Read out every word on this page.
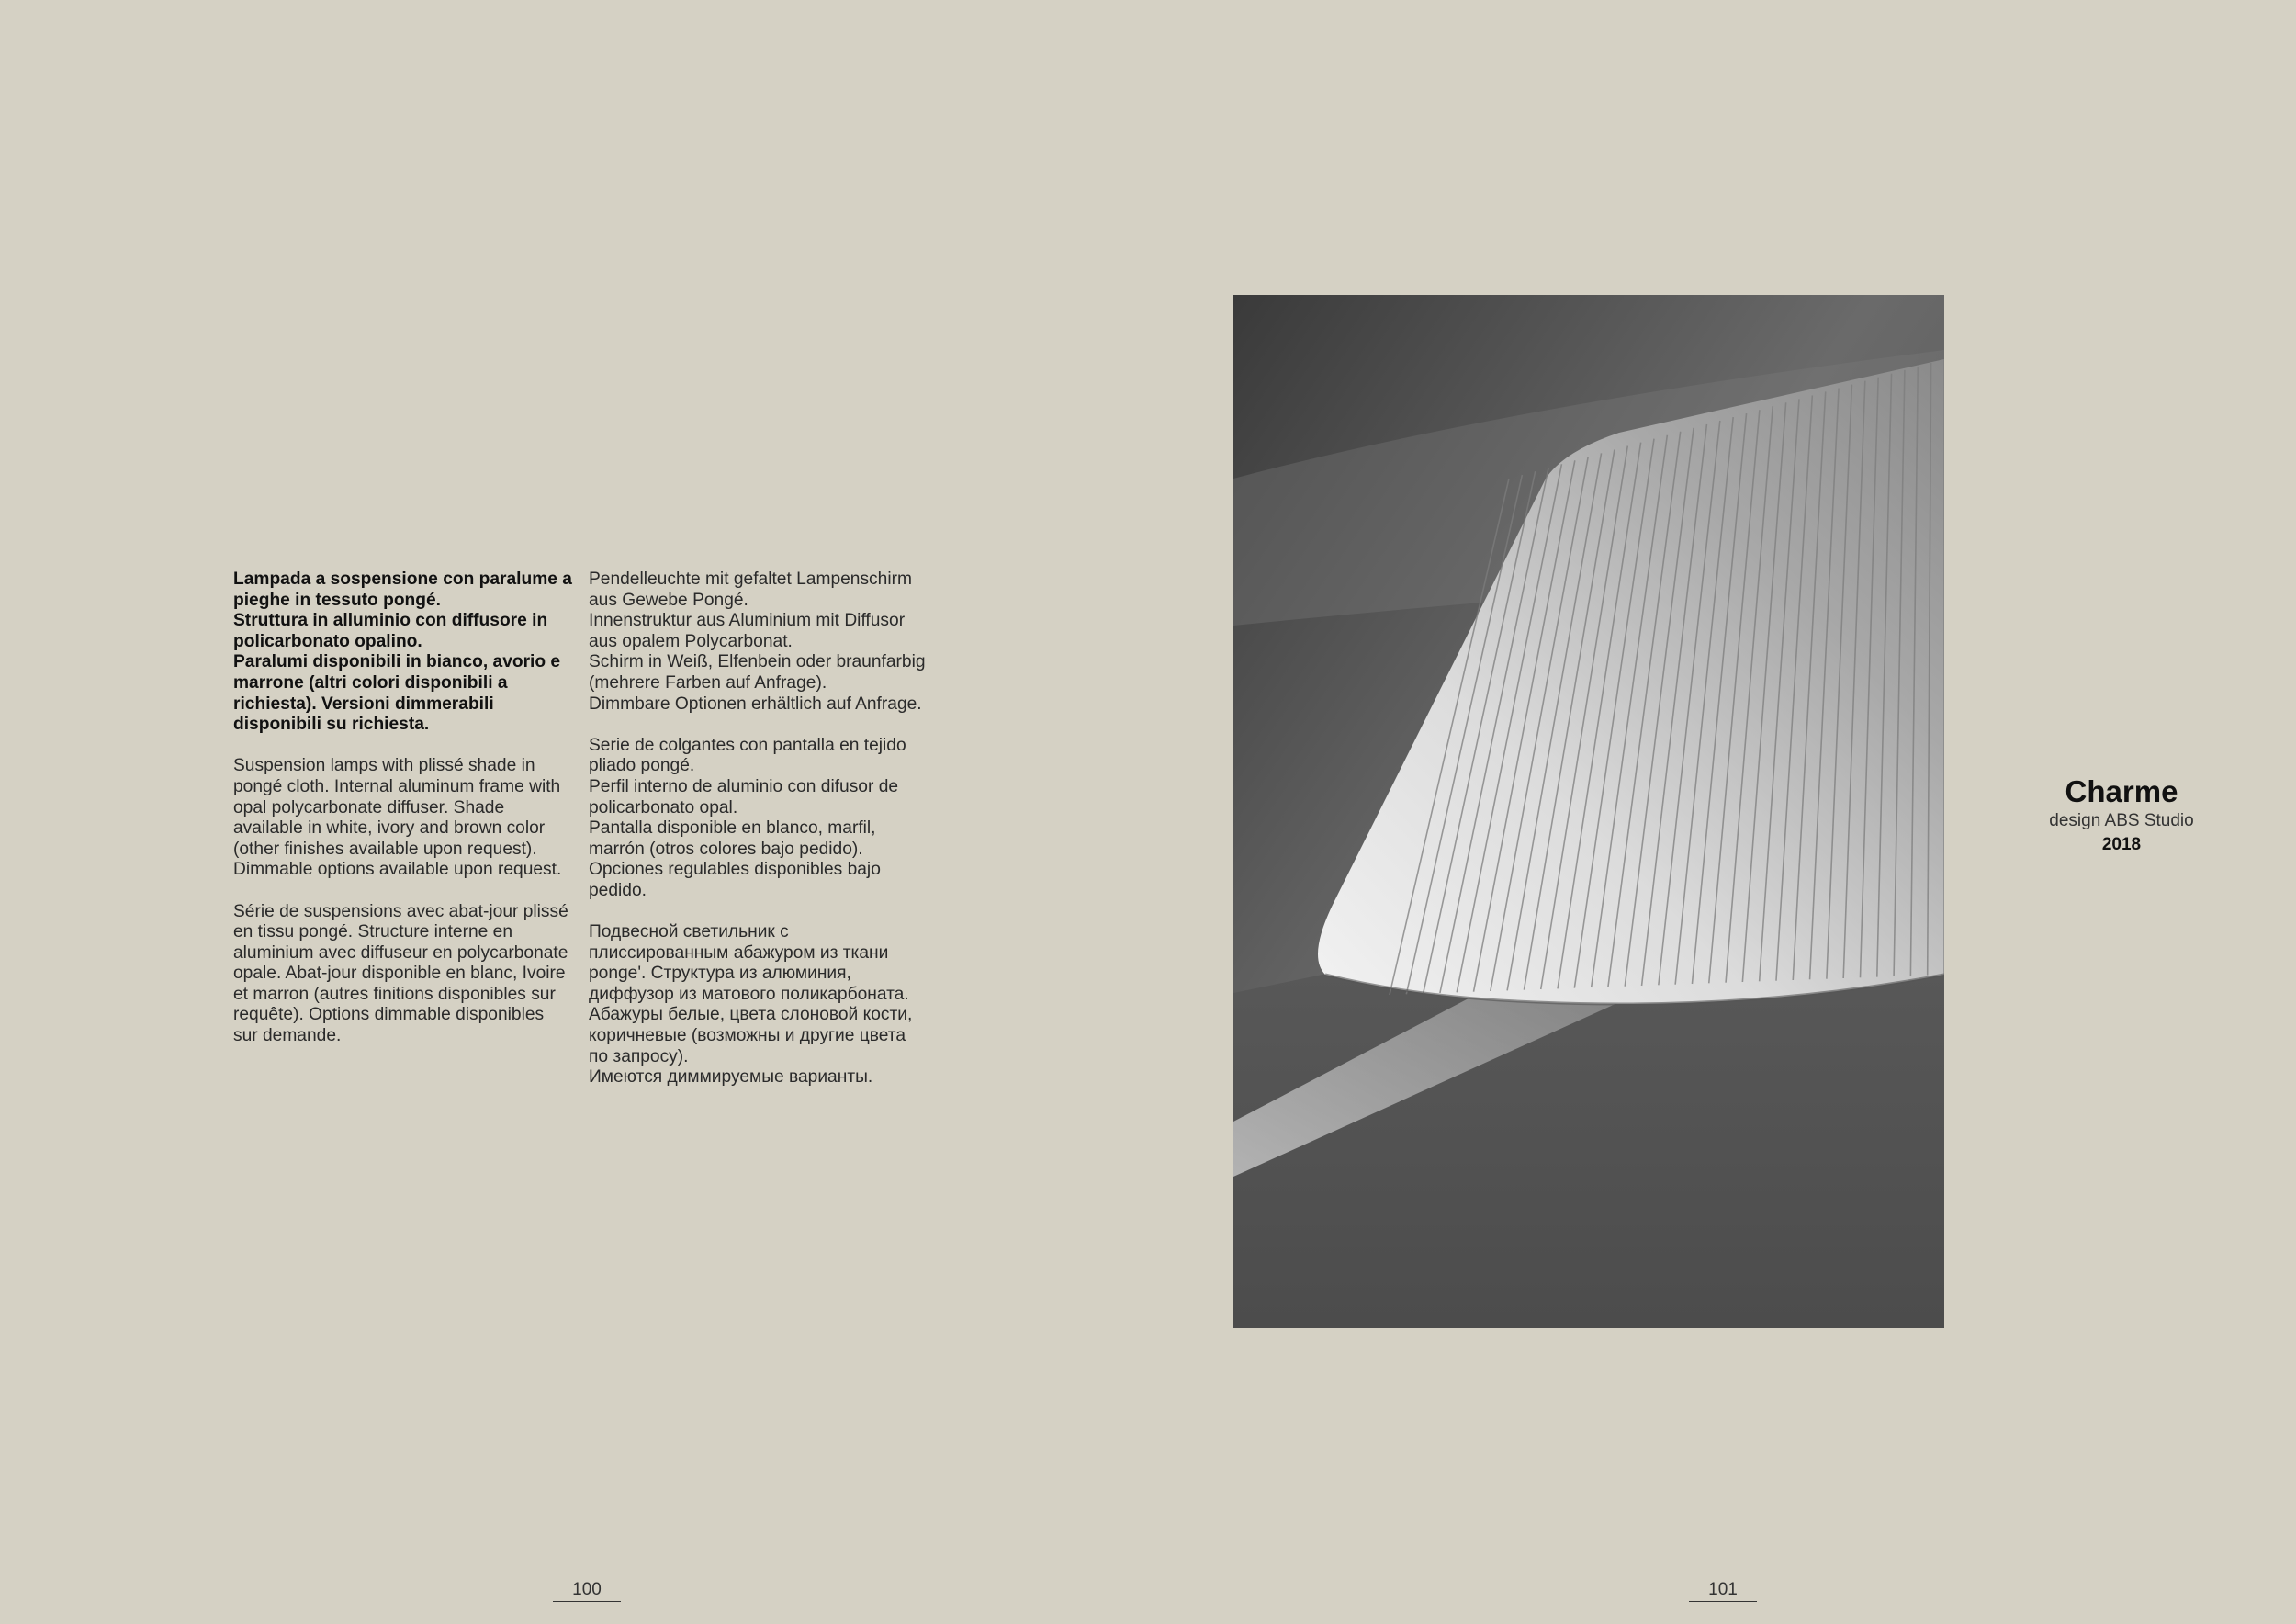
Lampada a sospensione con paralume a pieghe in tessuto pongé.
Struttura in alluminio con diffusore in policarbonato opalino.
Paralumi disponibili in bianco, avorio e marrone (altri colori disponibili a richiesta). Versioni dimmerabili disponibili su richiesta.

Suspension lamps with plissé shade in pongé cloth. Internal aluminum frame with opal polycarbonate diffuser. Shade available in white, ivory and brown color (other finishes available upon request).
Dimmable options available upon request.

Série de suspensions avec abat-jour plissé en tissu pongé. Structure interne en aluminium avec diffuseur en polycarbonate opale. Abat-jour disponible en blanc, Ivoire et marron (autres finitions disponibles sur requête). Options dimmable disponibles sur demande.

Pendelleuchte mit gefaltet Lampenschirm aus Gewebe Pongé.
Innenstruktur aus Aluminium mit Diffusor aus opalem Polycarbonat.
Schirm in Weiß, Elfenbein oder braunfarbig (mehrere Farben auf Anfrage).
Dimmbare Optionen erhältlich auf Anfrage.

Serie de colgantes con pantalla en tejido pliado pongé.
Perfil interno de aluminio con difusor de policarbonato opal.
Pantalla disponible en blanco, marfil, marrón (otros colores bajo pedido).
Opciones regulables disponibles bajo pedido.

Подвесной светильник с плиссированным абажуром из ткани ponge'. Структура из алюминия, диффузор из матового поликарбоната. Абажуры белые, цвета слоновой кости, коричневые (возможны и другие цвета по запросу).
Имеются диммируемые варианты.

Charme
design ABS Studio
2018
100	101
